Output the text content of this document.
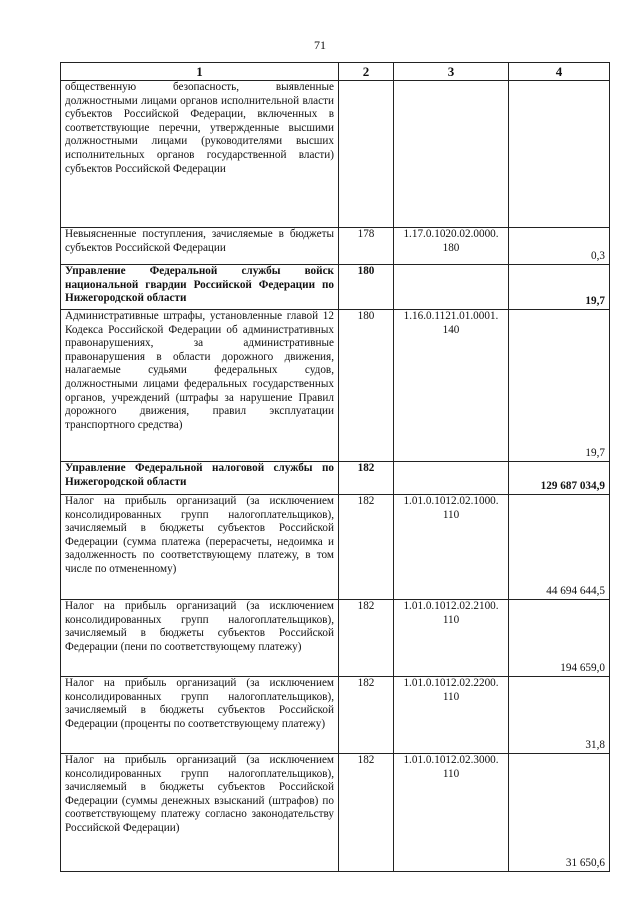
71
1	2	3	4
общественную безопасность, выявленные должностными лицами органов исполнительной власти субъектов Российской Федерации, включенных в соответствующие перечни, утвержденные высшими должностными лицами (руководителями высших исполнительных органов государственной власти) субъектов Российской Федерации			
Невыясненные поступления, зачисляемые в бюджеты субъектов Российской Федерации	178	1.17.0.1020.02.0000. 180	0,3
Управление Федеральной службы войск национальной гвардии Российской Федерации по Нижегородской области	180		19,7
Административные штрафы, установленные главой 12 Кодекса Российской Федерации об административных правонарушениях, за административные правонарушения в области дорожного движения, налагаемые судьями федеральных судов, должностными лицами федеральных государственных органов, учреждений (штрафы за нарушение Правил дорожного движения, правил эксплуатации транспортного средства)	180	1.16.0.1121.01.0001. 140	19,7
Управление Федеральной налоговой службы по Нижегородской области	182		129 687 034,9
Налог на прибыль организаций (за исключением консолидированных групп налогоплательщиков), зачисляемый в бюджеты субъектов Российской Федерации (сумма платежа (перерасчеты, недоимка и задолженность по соответствующему платежу, в том числе по отмененному)	182	1.01.0.1012.02.1000. 110	44 694 644,5
Налог на прибыль организаций (за исключением консолидированных групп налогоплательщиков), зачисляемый в бюджеты субъектов Российской Федерации (пени по соответствующему платежу)	182	1.01.0.1012.02.2100. 110	194 659,0
Налог на прибыль организаций (за исключением консолидированных групп налогоплательщиков), зачисляемый в бюджеты субъектов Российской Федерации (проценты по соответствующему платежу)	182	1.01.0.1012.02.2200. 110	31,8
Налог на прибыль организаций (за исключением консолидированных групп налогоплательщиков), зачисляемый в бюджеты субъектов Российской Федерации (суммы денежных взысканий (штрафов) по соответствующему платежу согласно законодательству Российской Федерации)	182	1.01.0.1012.02.3000. 110	31 650,6
